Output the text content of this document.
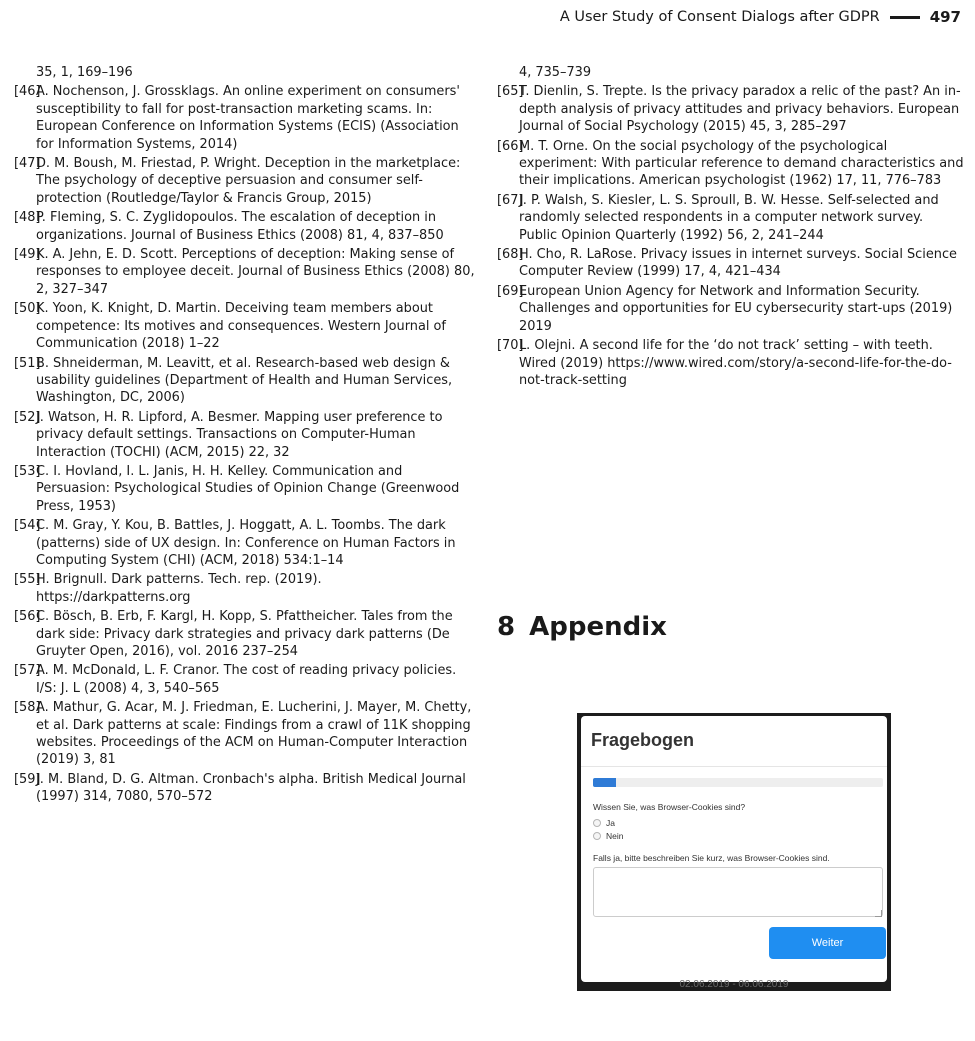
A User Study of Consent Dialogs after GDPR	497
35, 1, 169–196
[46]
A. Nochenson, J. Grossklags. An online experiment on consumers' susceptibility to fall for post-transaction marketing scams. In: European Conference on Information Systems (ECIS) (Association for Information Systems, 2014)
[47]
D. M. Boush, M. Friestad, P. Wright. Deception in the marketplace: The psychology of deceptive persuasion and consumer self-protection (Routledge/Taylor & Francis Group, 2015)
[48]
P. Fleming, S. C. Zyglidopoulos. The escalation of deception in organizations. Journal of Business Ethics (2008) 81, 4, 837–850
[49]
K. A. Jehn, E. D. Scott. Perceptions of deception: Making sense of responses to employee deceit. Journal of Business Ethics (2008) 80, 2, 327–347
[50]
K. Yoon, K. Knight, D. Martin. Deceiving team members about competence: Its motives and consequences. Western Journal of Communication (2018) 1–22
[51]
B. Shneiderman, M. Leavitt, et al. Research-based web design & usability guidelines (Department of Health and Human Services, Washington, DC, 2006)
[52]
J. Watson, H. R. Lipford, A. Besmer. Mapping user preference to privacy default settings. Transactions on Computer-Human Interaction (TOCHI) (ACM, 2015) 22, 32
[53]
C. I. Hovland, I. L. Janis, H. H. Kelley. Communication and Persuasion: Psychological Studies of Opinion Change (Greenwood Press, 1953)
[54]
C. M. Gray, Y. Kou, B. Battles, J. Hoggatt, A. L. Toombs. The dark (patterns) side of UX design. In: Conference on Human Factors in Computing System (CHI) (ACM, 2018) 534:1–14
[55]
H. Brignull. Dark patterns. Tech. rep. (2019). https://darkpatterns.org
[56]
C. Bösch, B. Erb, F. Kargl, H. Kopp, S. Pfattheicher. Tales from the dark side: Privacy dark strategies and privacy dark patterns (De Gruyter Open, 2016), vol. 2016 237–254
[57]
A. M. McDonald, L. F. Cranor. The cost of reading privacy policies. I/S: J. L (2008) 4, 3, 540–565
[58]
A. Mathur, G. Acar, M. J. Friedman, E. Lucherini, J. Mayer, M. Chetty, et al. Dark patterns at scale: Findings from a crawl of 11K shopping websites. Proceedings of the ACM on Human-Computer Interaction (2019) 3, 81
[59]
J. M. Bland, D. G. Altman. Cronbach's alpha. British Medical Journal (1997) 314, 7080, 570–572
4, 735–739
[65]
T. Dienlin, S. Trepte. Is the privacy paradox a relic of the past? An in-depth analysis of privacy attitudes and privacy behaviors. European Journal of Social Psychology (2015) 45, 3, 285–297
[66]
M. T. Orne. On the social psychology of the psychological experiment: With particular reference to demand characteristics and their implications. American psychologist (1962) 17, 11, 776–783
[67]
J. P. Walsh, S. Kiesler, L. S. Sproull, B. W. Hesse. Self-selected and randomly selected respondents in a computer network survey. Public Opinion Quarterly (1992) 56, 2, 241–244
[68]
H. Cho, R. LaRose. Privacy issues in internet surveys. Social Science Computer Review (1999) 17, 4, 421–434
[69]
European Union Agency for Network and Information Security. Challenges and opportunities for EU cybersecurity start-ups (2019) 2019
[70]
L. Olejni. A second life for the ‘do not track’ setting – with teeth. Wired (2019) https://www.wired.com/story/a-second-life-for-the-do-not-track-setting
8 Appendix
Fragebogen
Wissen Sie, was Browser-Cookies sind?
Ja
Nein
Falls ja, bitte beschreiben Sie kurz, was Browser-Cookies sind.
Weiter
02.06.2019 - 06.06.2019
